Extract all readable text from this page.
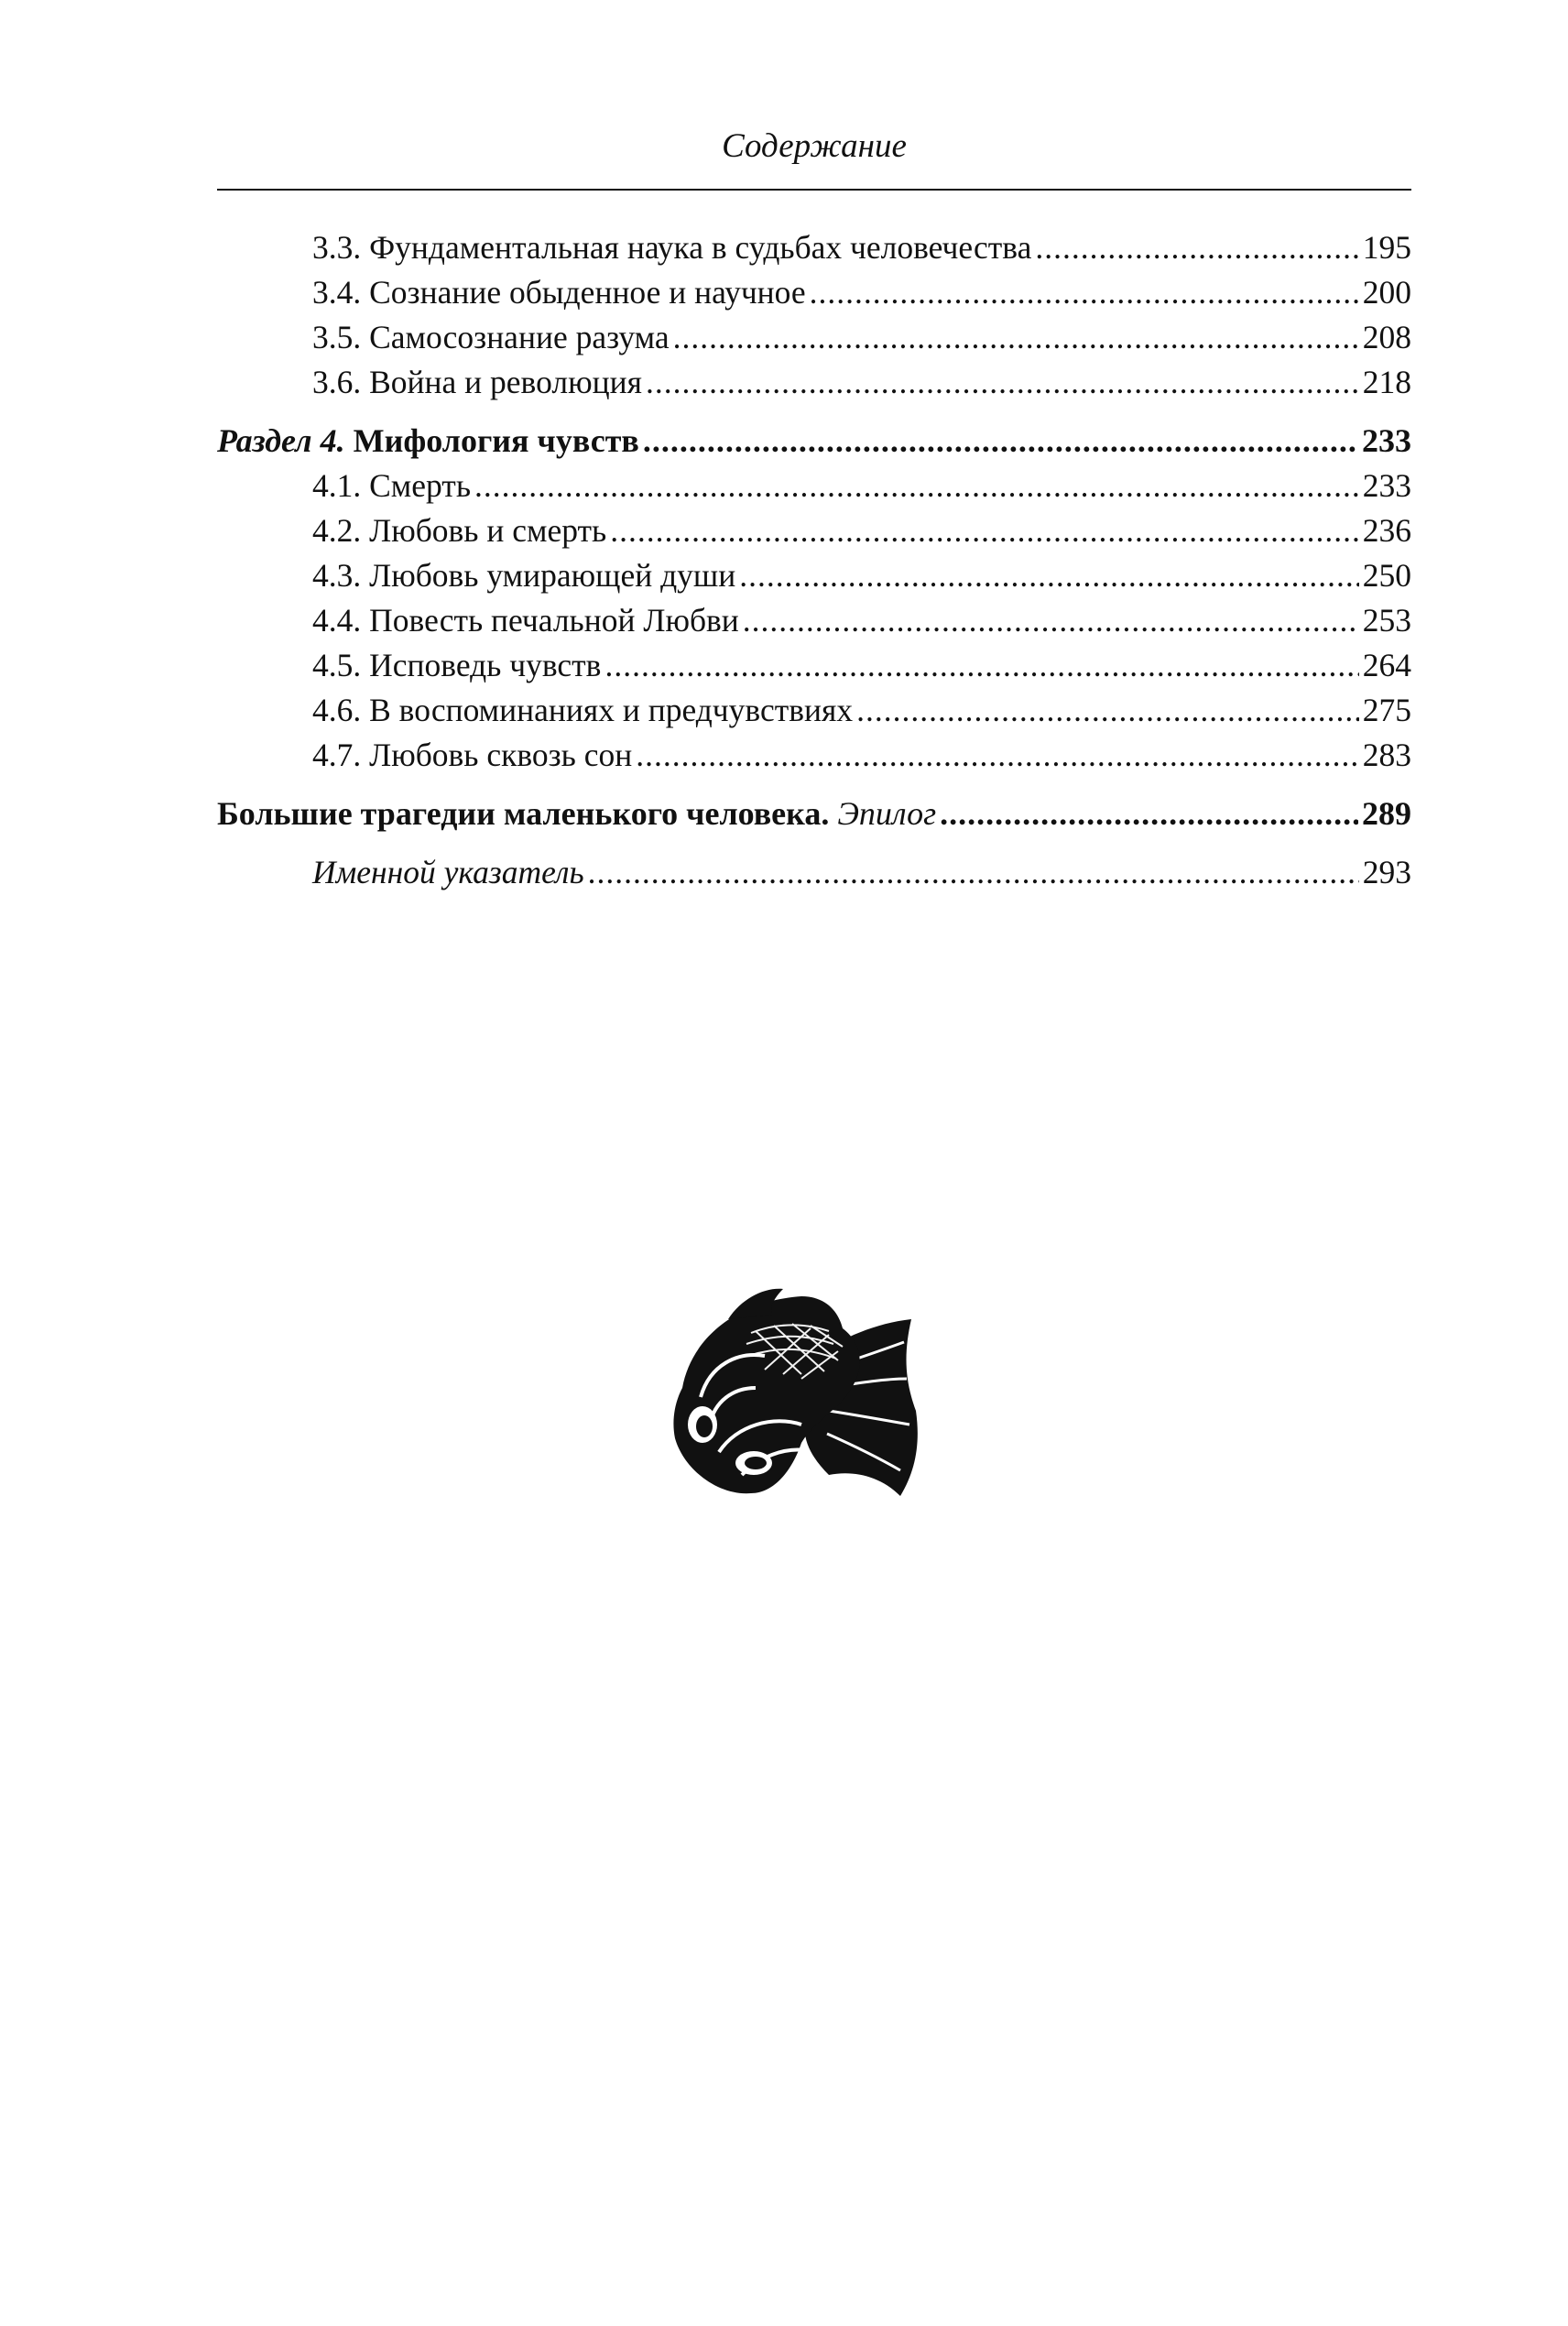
Содержание
3.3. Фундаментальная наука в судьбах человечества .....	195
3.4. Сознание обыденное и научное .....	200
3.5. Самосознание разума .....	208
3.6. Война и революция .....	218
Раздел 4. Мифология чувств .....	233
4.1. Смерть .....	233
4.2. Любовь и смерть .....	236
4.3. Любовь умирающей души .....	250
4.4. Повесть печальной Любви .....	253
4.5. Исповедь чувств .....	264
4.6. В воспоминаниях и предчувствиях .....	275
4.7. Любовь сквозь сон .....	283
Большие трагедии маленького человека. Эпилог .....	289
Именной указатель .....	293
